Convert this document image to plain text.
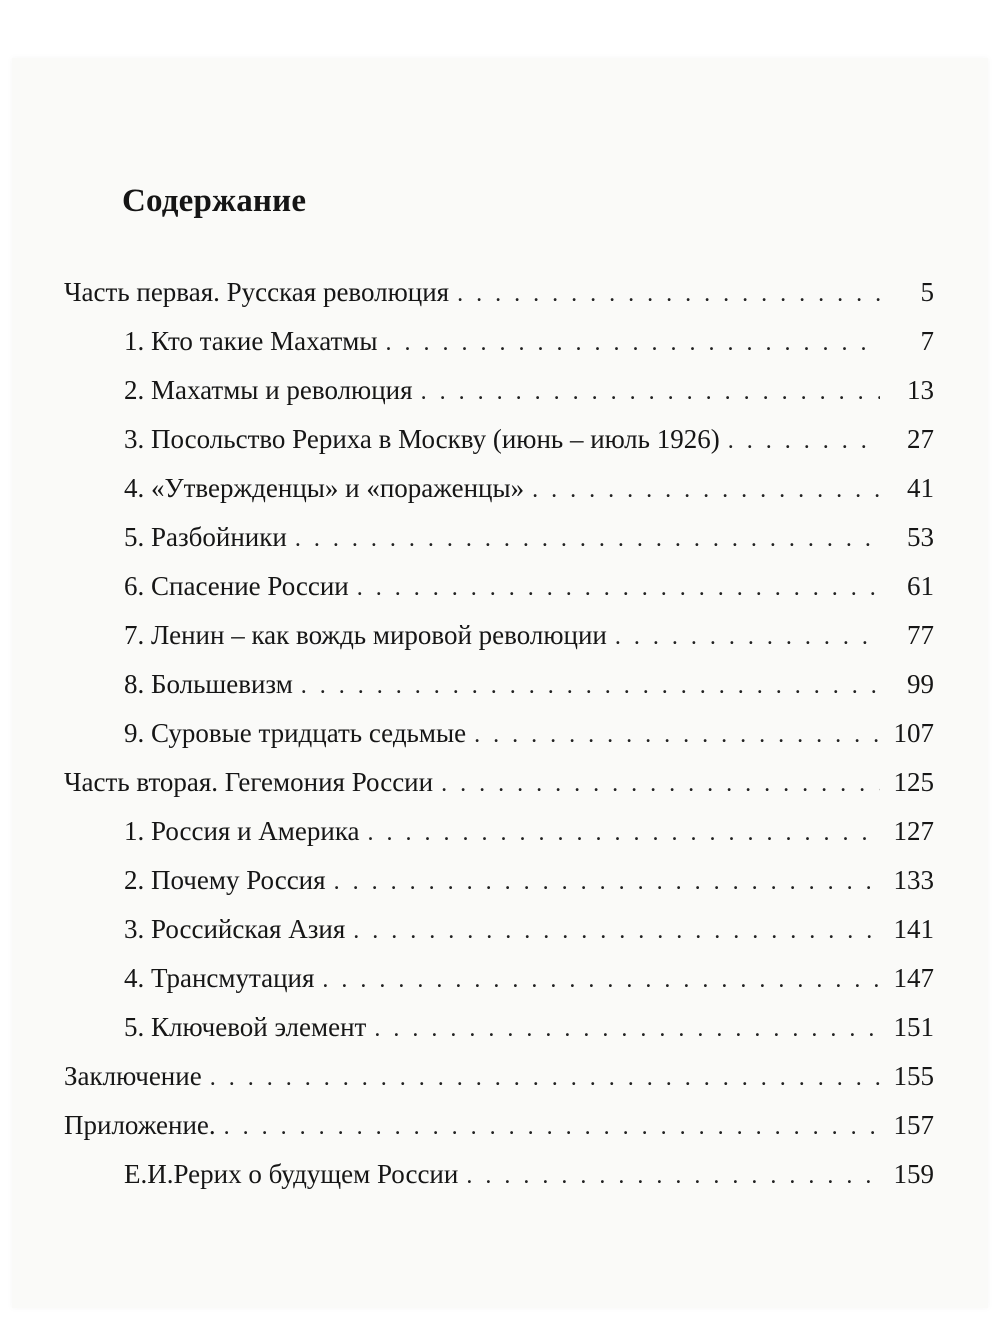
Содержание
Часть первая. Русская революция . . .	5
1. Кто такие Махатмы . . .	7
2. Махатмы и революция . . .	13
3. Посольство Рериха в Москву (июнь – июль 1926) . . .	27
4. «Утвержденцы» и «пораженцы» . . .	41
5. Разбойники . . .	53
6. Спасение России . . .	61
7. Ленин – как вождь мировой революции . . .	77
8. Большевизм . . .	99
9. Суровые тридцать седьмые . . .	107
Часть вторая. Гегемония России . . .	125
1. Россия и Америка . . .	127
2. Почему Россия . . .	133
3. Российская Азия . . .	141
4. Трансмутация . . .	147
5. Ключевой элемент . . .	151
Заключение . . .	155
Приложение. . . .	157
Е.И.Рерих о будущем России . . .	159
